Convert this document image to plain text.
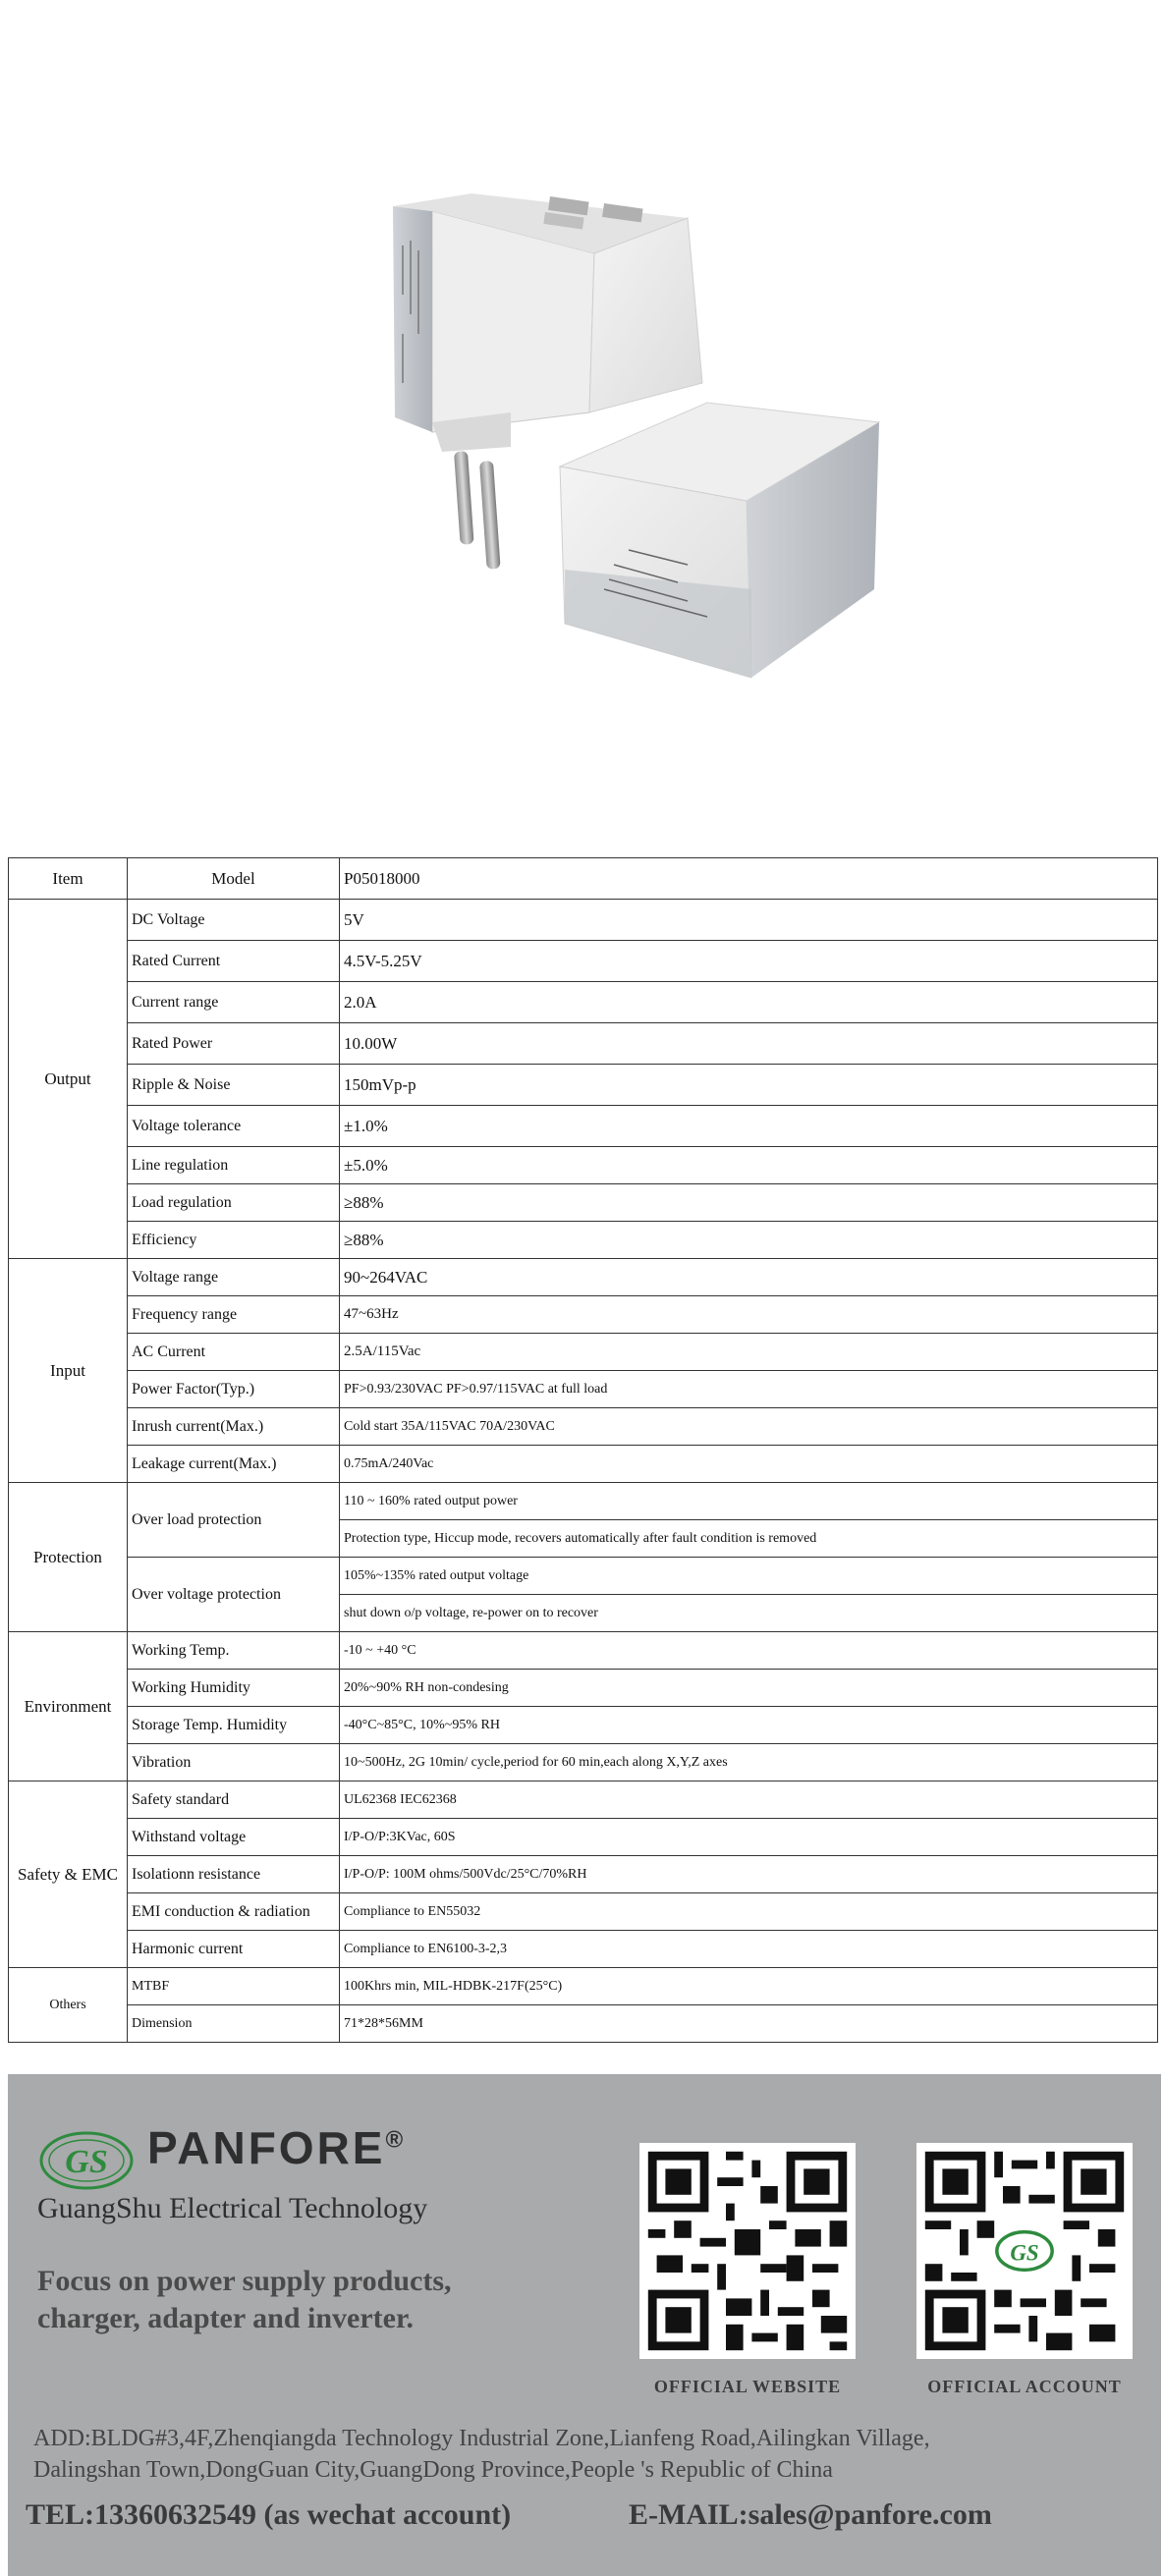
Item	Model	P05018000
Output	DC Voltage	5V
	Rated Current	4.5V-5.25V
	Current range	2.0A
	Rated Power	10.00W
	Ripple & Noise	150mVp-p
	Voltage tolerance	±1.0%
	Line regulation	±5.0%
	Load regulation	≥88%
	Efficiency	≥88%
Input	Voltage range	90~264VAC
	Frequency range	47~63Hz
	AC Current	2.5A/115Vac
	Power Factor(Typ.)	PF>0.93/230VAC PF>0.97/115VAC at full load
	Inrush current(Max.)	Cold start 35A/115VAC 70A/230VAC
	Leakage current(Max.)	0.75mA/240Vac
Protection	Over load protection	110 ~ 160% rated output power
		Protection type, Hiccup mode, recovers automatically after fault condition is removed
	Over voltage protection	105%~135% rated output voltage
		shut down o/p voltage, re-power on to recover
Environment	Working Temp.	-10 ~ +40 °C
	Working Humidity	20%~90% RH non-condesing
	Storage Temp. Humidity	-40°C~85°C, 10%~95% RH
	Vibration	10~500Hz, 2G 10min/ cycle,period for 60 min,each along X,Y,Z axes
Safety & EMC	Safety standard	UL62368 IEC62368
	Withstand voltage	I/P-O/P:3KVac, 60S
	Isolationn resistance	I/P-O/P: 100M ohms/500Vdc/25°C/70%RH
	EMI conduction & radiation	Compliance to EN55032
	Harmonic current	Compliance to EN6100-3-2,3
Others	MTBF	100Khrs min, MIL-HDBK-217F(25°C)
	Dimension	71*28*56MM
GS PANFORE®
GuangShu Electrical Technology
Focus on power supply products,
charger, adapter and inverter.
OFFICIAL WEBSITE
GS
OFFICIAL ACCOUNT
ADD:BLDG#3,4F,Zhenqiangda Technology Industrial Zone,Lianfeng Road,Ailingkan Village,
Dalingshan Town,DongGuan City,GuangDong Province,People 's Republic of China
TEL:13360632549 (as wechat account)	E-MAIL:sales@panfore.com
